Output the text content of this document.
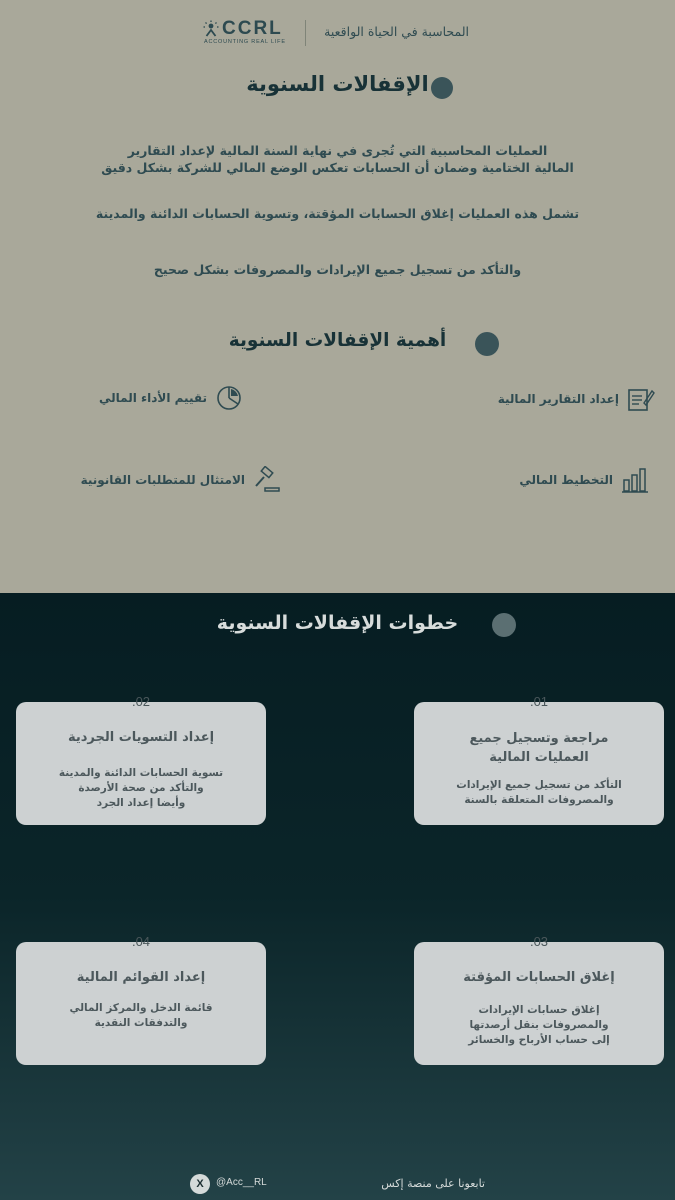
CCRL
ACCOUNTING REAL LIFE
المحاسبة في الحياة الواقعية
الإقفالات السنوية
العمليات المحاسبية التي تُجرى في نهاية السنة المالية لإعداد التقارير
المالية الختامية وضمان أن الحسابات تعكس الوضع المالي للشركة بشكل دقيق
تشمل هذه العمليات إغلاق الحسابات المؤقتة، وتسوية الحسابات الدائنة والمدينة
والتأكد من تسجيل جميع الإيرادات والمصروفات بشكل صحيح
أهمية الإقفالات السنوية
إعداد التقارير المالية
تقييم الأداء المالي
التخطيط المالي
الامتثال للمتطلبات القانونية
خطوات الإقفالات السنوية
01.
مراجعة وتسجيل جميع
العمليات المالية
التأكد من تسجيل جميع الإيرادات
والمصروفات المتعلقة بالسنة
02.
إعداد التسويات الجردية
تسوية الحسابات الدائنة والمدينة
والتأكد من صحة الأرصدة
وأيضا إعداد الجرد
03.
إغلاق الحسابات المؤقتة
إغلاق حسابات الإيرادات
والمصروفات بنقل أرصدتها
إلى حساب الأرباح والخسائر
04.
إعداد القوائم المالية
قائمة الدخل والمركز المالي
والتدفقات النقدية
X	@Acc__RL	تابعونا على منصة إكس
